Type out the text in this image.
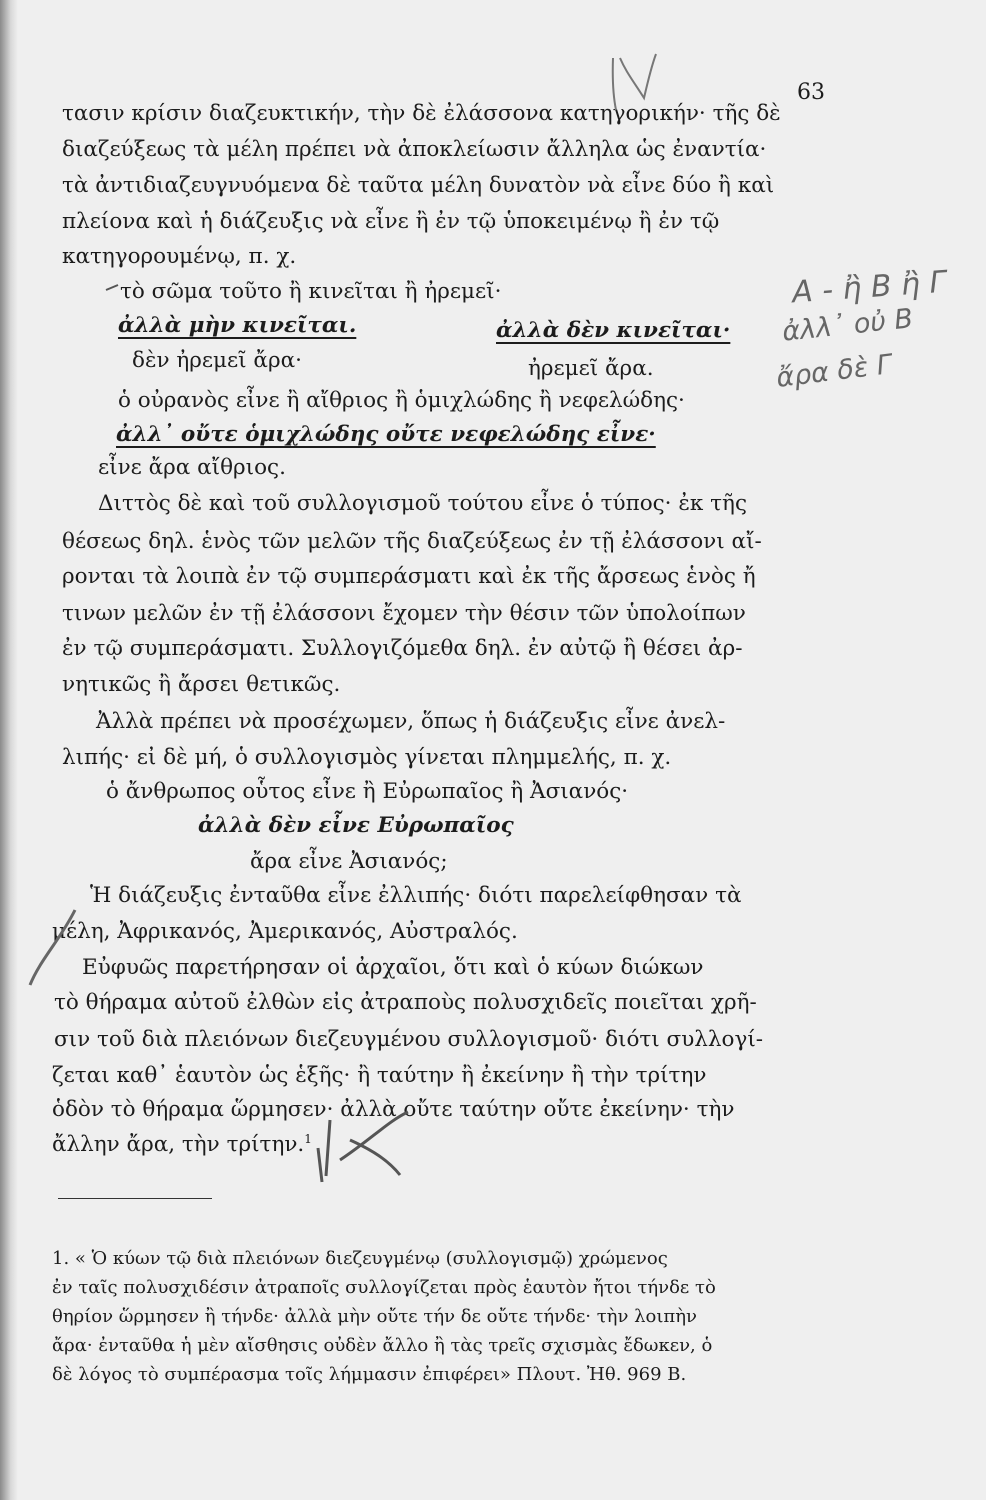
63
τασιν κρίσιν διαζευκτικήν, τὴν δὲ ἐλάσσονα κατηγορικήν· τῆς δὲ
διαζεύξεως τὰ μέλη πρέπει νὰ ἀποκλείωσιν ἄλληλα ὡς ἐναντία·
τὰ ἀντιδιαζευγνυόμενα δὲ ταῦτα μέλη δυνατὸν νὰ εἶνε δύο ἢ καὶ
πλείονα καὶ ἡ διάζευξις νὰ εἶνε ἢ ἐν τῷ ὑποκειμένῳ ἢ ἐν τῷ
κατηγορουμένῳ, π. χ.
τὸ σῶμα τοῦτο ἢ κινεῖται ἢ ἠρεμεῖ·
ἀλλὰ μὴν κινεῖται.	ἀλλὰ δὲν κινεῖται·
δὲν ἠρεμεῖ ἄρα·	ἠρεμεῖ ἄρα.
ὁ οὐρανὸς εἶνε ἢ αἴθριος ἢ ὁμιχλώδης ἢ νεφελώδης·
ἀλλ᾽ οὔτε ὁμιχλώδης οὔτε νεφελώδης εἶνε·
εἶνε ἄρα αἴθριος.
Διττὸς δὲ καὶ τοῦ συλλογισμοῦ τούτου εἶνε ὁ τύπος· ἐκ τῆς
θέσεως δηλ. ἑνὸς τῶν μελῶν τῆς διαζεύξεως ἐν τῇ ἐλάσσονι αἴ-
ρονται τὰ λοιπὰ ἐν τῷ συμπεράσματι καὶ ἐκ τῆς ἄρσεως ἑνὸς ἤ
τινων μελῶν ἐν τῇ ἐλάσσονι ἔχομεν τὴν θέσιν τῶν ὑπολοίπων
ἐν τῷ συμπεράσματι. Συλλογιζόμεθα δηλ. ἐν αὐτῷ ἢ θέσει ἀρ-
νητικῶς ἢ ἄρσει θετικῶς.
Ἀλλὰ πρέπει νὰ προσέχωμεν, ὅπως ἡ διάζευξις εἶνε ἀνελ-
λιπής· εἰ δὲ μή, ὁ συλλογισμὸς γίνεται πλημμελής, π. χ.
ὁ ἄνθρωπος οὗτος εἶνε ἢ Εὐρωπαῖος ἢ Ἀσιανός·
ἀλλὰ δὲν εἶνε Εὐρωπαῖος
ἄρα εἶνε Ἀσιανός;
Ἡ διάζευξις ἐνταῦθα εἶνε ἐλλιπής· διότι παρελείφθησαν τὰ
μέλη, Ἀφρικανός, Ἀμερικανός, Αὐστραλός.
Εὐφυῶς παρετήρησαν οἱ ἀρχαῖοι, ὅτι καὶ ὁ κύων διώκων
τὸ θήραμα αὐτοῦ ἐλθὼν εἰς ἀτραποὺς πολυσχιδεῖς ποιεῖται χρῆ-
σιν τοῦ διὰ πλειόνων διεζευγμένου συλλογισμοῦ· διότι συλλογί-
ζεται καθ᾽ ἑαυτὸν ὡς ἑξῆς· ἢ ταύτην ἢ ἐκείνην ἢ τὴν τρίτην
ὁδὸν τὸ θήραμα ὥρμησεν· ἀλλὰ οὔτε ταύτην οὔτε ἐκείνην· τὴν
ἄλλην ἄρα, τὴν τρίτην.$^1$
1. « Ὁ κύων τῷ διὰ πλειόνων διεζευγμένῳ (συλλογισμῷ) χρώμενος
ἐν ταῖς πολυσχιδέσιν ἀτραποῖς συλλογίζεται πρὸς ἑαυτὸν ἤτοι τήνδε τὸ
θηρίον ὥρμησεν ἢ τήνδε· ἀλλὰ μὴν οὔτε τήν δε οὔτε τήνδε· τὴν λοιπὴν
ἄρα· ἐνταῦθα ἡ μὲν αἴσθησις οὐδὲν ἄλλο ἢ τὰς τρεῖς σχισμὰς ἔδωκεν, ὁ
δὲ λόγος τὸ συμπέρασμα τοῖς λήμμασιν ἐπιφέρει» Πλουτ. Ἠθ. 969 Β.
Α - ἢ Β ἢ Γ
ἀλλ᾽ οὐ Β
ἄρα δὲ Γ
